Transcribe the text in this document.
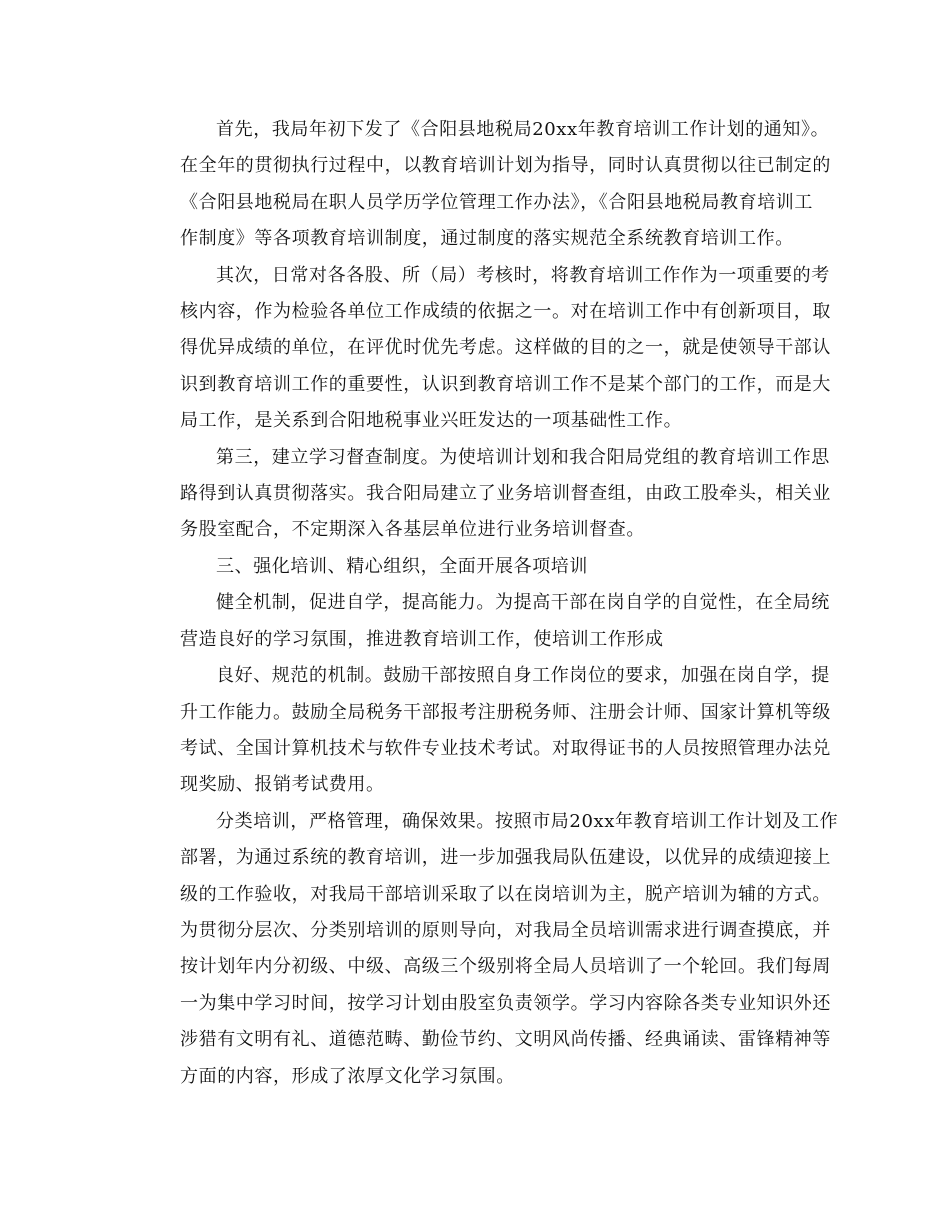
首先，我局年初下发了《合阳县地税局20xx年教育培训工作计划的通知》。
在全年的贯彻执行过程中，以教育培训计划为指导，同时认真贯彻以往已制定的
《合阳县地税局在职人员学历学位管理工作办法》，《合阳县地税局教育培训工
作制度》等各项教育培训制度，通过制度的落实规范全系统教育培训工作。
其次，日常对各各股、所（局）考核时，将教育培训工作作为一项重要的考
核内容，作为检验各单位工作成绩的依据之一。对在培训工作中有创新项目，取
得优异成绩的单位，在评优时优先考虑。这样做的目的之一，就是使领导干部认
识到教育培训工作的重要性，认识到教育培训工作不是某个部门的工作，而是大
局工作，是关系到合阳地税事业兴旺发达的一项基础性工作。
第三，建立学习督查制度。为使培训计划和我合阳局党组的教育培训工作思
路得到认真贯彻落实。我合阳局建立了业务培训督查组，由政工股牵头，相关业
务股室配合，不定期深入各基层单位进行业务培训督查。
三、强化培训、精心组织，全面开展各项培训
健全机制，促进自学，提高能力。为提高干部在岗自学的自觉性，在全局统
营造良好的学习氛围，推进教育培训工作，使培训工作形成
良好、规范的机制。鼓励干部按照自身工作岗位的要求，加强在岗自学，提
升工作能力。鼓励全局税务干部报考注册税务师、注册会计师、国家计算机等级
考试、全国计算机技术与软件专业技术考试。对取得证书的人员按照管理办法兑
现奖励、报销考试费用。
分类培训，严格管理，确保效果。按照市局20xx年教育培训工作计划及工作
部署，为通过系统的教育培训，进一步加强我局队伍建设，以优异的成绩迎接上
级的工作验收，对我局干部培训采取了以在岗培训为主，脱产培训为辅的方式。
为贯彻分层次、分类别培训的原则导向，对我局全员培训需求进行调查摸底，并
按计划年内分初级、中级、高级三个级别将全局人员培训了一个轮回。我们每周
一为集中学习时间，按学习计划由股室负责领学。学习内容除各类专业知识外还
涉猎有文明有礼、道德范畴、勤俭节约、文明风尚传播、经典诵读、雷锋精神等
方面的内容，形成了浓厚文化学习氛围。
